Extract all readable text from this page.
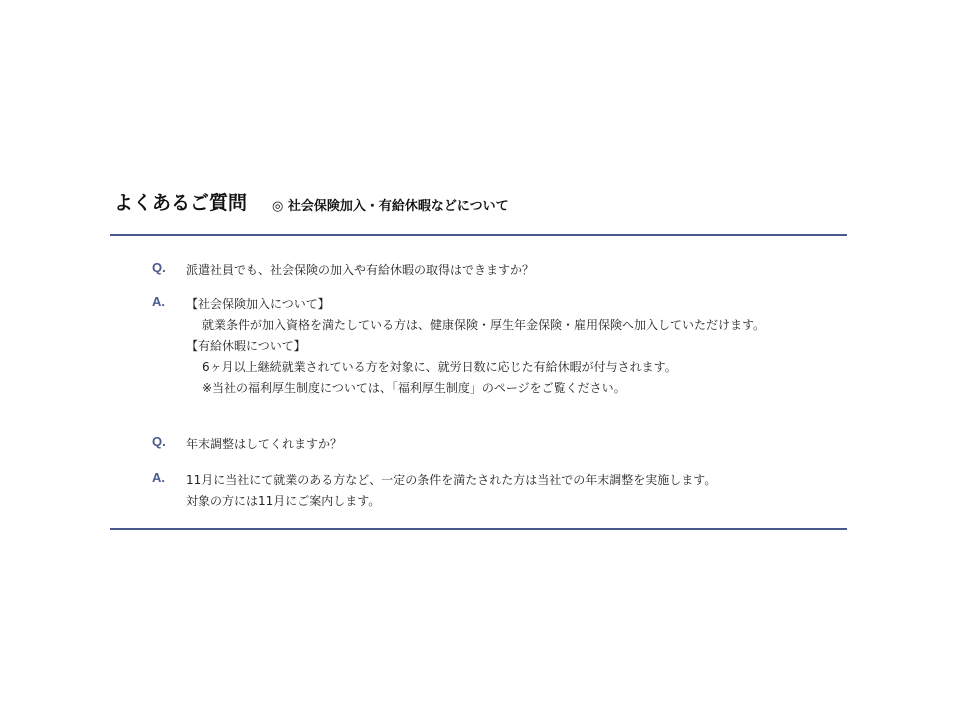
よくあるご質問 ◎ 社会保険加入・有給休暇などについて
Q. 派遣社員でも、社会保険の加入や有給休暇の取得はできますか？
A. 【社会保険加入について】
就業条件が加入資格を満たしている方は、健康保険・厚生年金保険・雇用保険へ加入していただけます。
【有給休暇について】
6ヶ月以上継続就業されている方を対象に、就労日数に応じた有給休暇が付与されます。
※当社の福利厚生制度については、「福利厚生制度」のページをご覧ください。
Q. 年末調整はしてくれますか？
A. 11月に当社にて就業のある方など、一定の条件を満たされた方は当社での年末調整を実施します。
対象の方には11月にご案内します。
